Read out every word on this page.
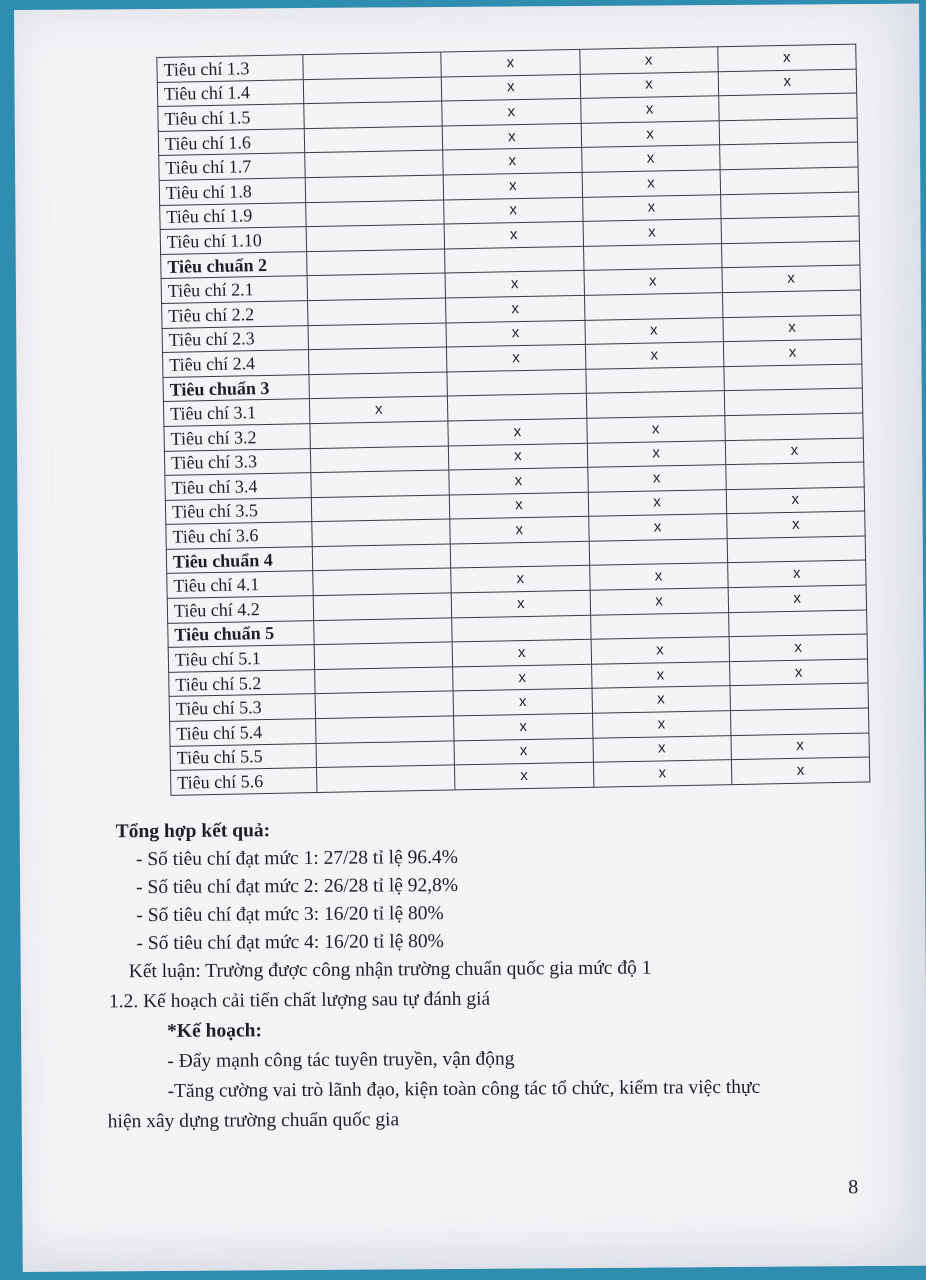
Tiêu chí 1.3		x	x	x
Tiêu chí 1.4		x	x	x
Tiêu chí 1.5		x	x	
Tiêu chí 1.6		x	x	
Tiêu chí 1.7		x	x	
Tiêu chí 1.8		x	x	
Tiêu chí 1.9		x	x	
Tiêu chí 1.10		x	x	
Tiêu chuẩn 2				
Tiêu chí 2.1		x	x	x
Tiêu chí 2.2		x		
Tiêu chí 2.3		x	x	x
Tiêu chí 2.4		x	x	x
Tiêu chuẩn 3				
Tiêu chí 3.1	x			
Tiêu chí 3.2		x	x	
Tiêu chí 3.3		x	x	x
Tiêu chí 3.4		x	x	
Tiêu chí 3.5		x	x	x
Tiêu chí 3.6		x	x	x
Tiêu chuẩn 4				
Tiêu chí 4.1		x	x	x
Tiêu chí 4.2		x	x	x
Tiêu chuẩn 5				
Tiêu chí 5.1		x	x	x
Tiêu chí 5.2		x	x	x
Tiêu chí 5.3		x	x	
Tiêu chí 5.4		x	x	
Tiêu chí 5.5		x	x	x
Tiêu chí 5.6		x	x	x
Tổng hợp kết quả:
- Số tiêu chí đạt mức 1: 27/28 tỉ lệ 96.4%
- Số tiêu chí đạt mức 2: 26/28 tỉ lệ 92,8%
- Số tiêu chí đạt mức 3: 16/20 tỉ lệ 80%
- Số tiêu chí đạt mức 4: 16/20 tỉ lệ 80%
Kết luận: Trường được công nhận trường chuẩn quốc gia mức độ 1
1.2. Kế hoạch cải tiến chất lượng sau tự đánh giá
*Kế hoạch:
- Đẩy mạnh công tác tuyên truyền, vận động
-Tăng cường vai trò lãnh đạo, kiện toàn công tác tổ chức, kiểm tra việc thực
hiện xây dựng trường chuẩn quốc gia
8
